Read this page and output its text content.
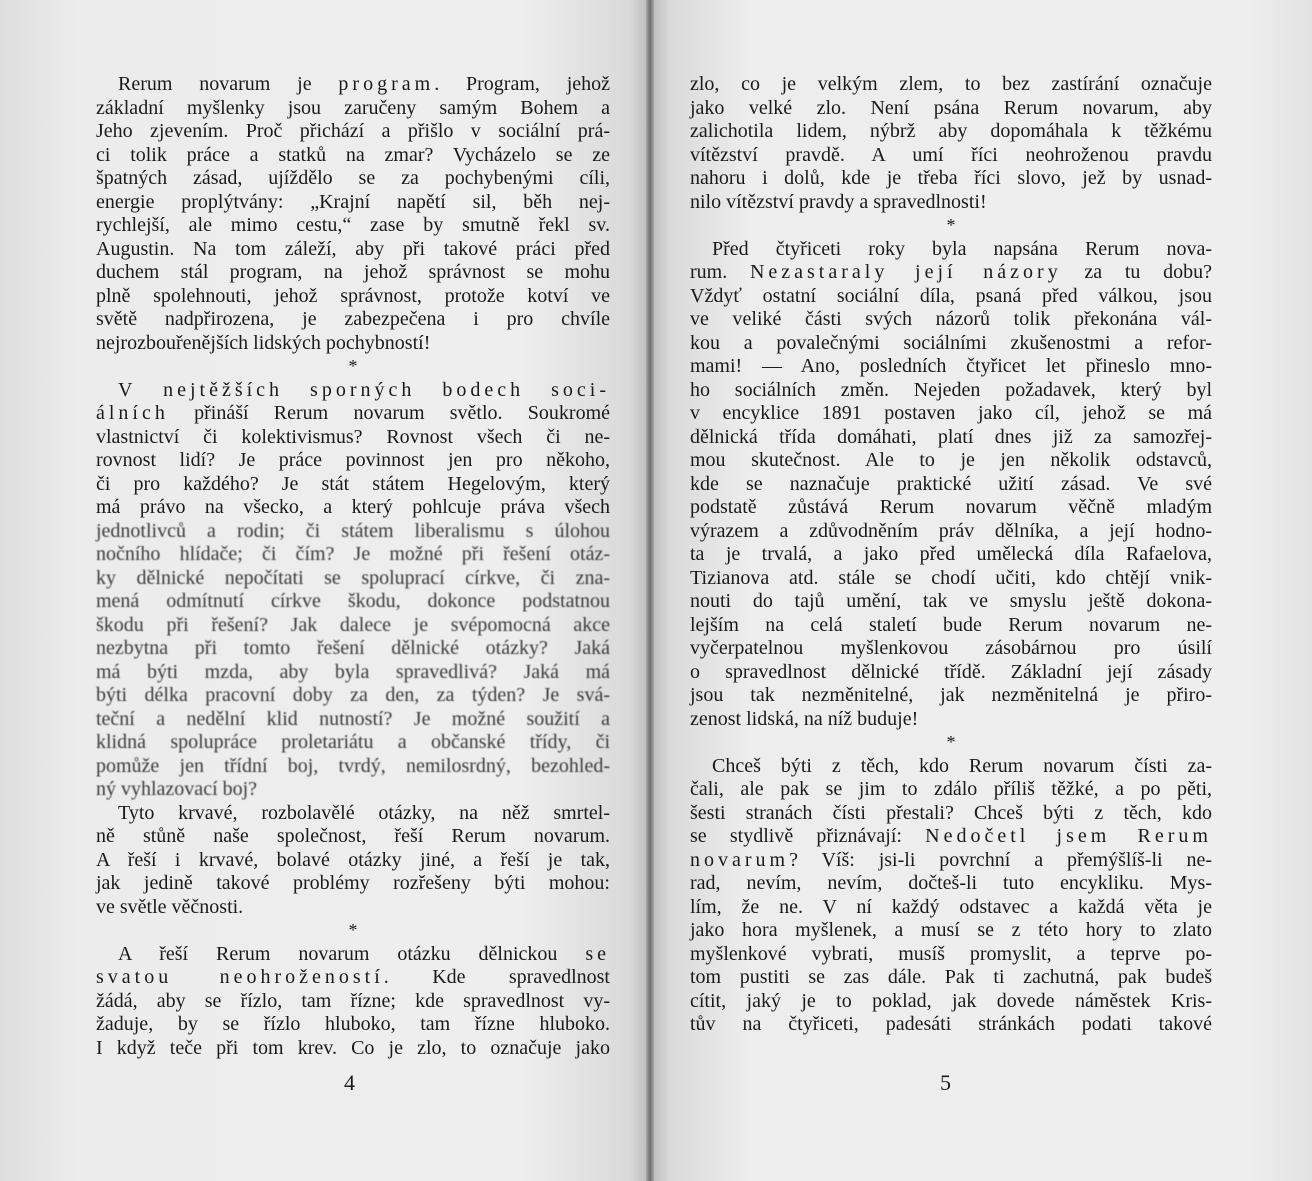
Rerum novarum je program. Program, jehož
základní myšlenky jsou zaručeny samým Bohem a
Jeho zjevením. Proč přichází a přišlo v sociální prá-
ci tolik práce a statků na zmar? Vycházelo se ze
špatných zásad, ujíždělo se za pochybenými cíli,
energie proplýtvány: „Krajní napětí sil, běh nej-
rychlejší, ale mimo cestu,“ zase by smutně řekl sv.
Augustin. Na tom záleží, aby při takové práci před
duchem stál program, na jehož správnost se mohu
plně spolehnouti, jehož správnost, protože kotví ve
světě nadpřirozena, je zabezpečena i pro chvíle
nejrozbouřenějších lidských pochybností!
*
V nejtěžších sporných bodech soci-
álních přináší Rerum novarum světlo. Soukromé
vlastnictví či kolektivismus? Rovnost všech či ne-
rovnost lidí? Je práce povinnost jen pro někoho,
či pro každého? Je stát státem Hegelovým, který
má právo na všecko, a který pohlcuje práva všech
jednotlivců a rodin; či státem liberalismu s úlohou
nočního hlídače; či čím? Je možné při řešení otáz-
ky dělnické nepočítati se spoluprací církve, či zna-
mená odmítnutí církve škodu, dokonce podstatnou
škodu při řešení? Jak dalece je svépomocná akce
nezbytna při tomto řešení dělnické otázky? Jaká
má býti mzda, aby byla spravedlivá? Jaká má
býti délka pracovní doby za den, za týden? Je svá-
teční a nedělní klid nutností? Je možné soužití a
klidná spolupráce proletariátu a občanské třídy, či
pomůže jen třídní boj, tvrdý, nemilosrdný, bezohled-
ný vyhlazovací boj?
Tyto krvavé, rozbolavělé otázky, na něž smrtel-
ně stůně naše společnost, řeší Rerum novarum.
A řeší i krvavé, bolavé otázky jiné, a řeší je tak,
jak jedině takové problémy rozřešeny býti mohou:
ve světle věčnosti.
*
A řeší Rerum novarum otázku dělnickou se
svatou neohrožeností. Kde spravedlnost
žádá, aby se řízlo, tam řízne; kde spravedlnost vy-
žaduje, by se řízlo hluboko, tam řízne hluboko.
I když teče při tom krev. Co je zlo, to označuje jako
4
zlo, co je velkým zlem, to bez zastírání označuje
jako velké zlo. Není psána Rerum novarum, aby
zalichotila lidem, nýbrž aby dopomáhala k těžkému
vítězství pravdě. A umí říci neohroženou pravdu
nahoru i dolů, kde je třeba říci slovo, jež by usnad-
nilo vítězství pravdy a spravedlnosti!
*
Před čtyřiceti roky byla napsána Rerum nova-
rum. Nezastaraly její názory za tu dobu?
Vždyť ostatní sociální díla, psaná před válkou, jsou
ve veliké části svých názorů tolik překonána vál-
kou a povalečnými sociálními zkušenostmi a refor-
mami! — Ano, posledních čtyřicet let přineslo mno-
ho sociálních změn. Nejeden požadavek, který byl
v encyklice 1891 postaven jako cíl, jehož se má
dělnická třída domáhati, platí dnes již za samozřej-
mou skutečnost. Ale to je jen několik odstavců,
kde se naznačuje praktické užití zásad. Ve své
podstatě zůstává Rerum novarum věčně mladým
výrazem a zdůvodněním práv dělníka, a její hodno-
ta je trvalá, a jako před umělecká díla Rafaelova,
Tizianova atd. stále se chodí učiti, kdo chtějí vnik-
nouti do tajů umění, tak ve smyslu ještě dokona-
lejším na celá staletí bude Rerum novarum ne-
vyčerpatelnou myšlenkovou zásobárnou pro úsilí
o spravedlnost dělnické třídě. Základní její zásady
jsou tak nezměnitelné, jak nezměnitelná je přiro-
zenost lidská, na níž buduje!
*
Chceš býti z těch, kdo Rerum novarum čísti za-
čali, ale pak se jim to zdálo příliš těžké, a po pěti,
šesti stranách čísti přestali? Chceš býti z těch, kdo
se stydlivě přiznávají: Nedočetl jsem Rerum
novarum? Víš: jsi-li povrchní a přemýšlíš-li ne-
rad, nevím, nevím, dočteš-li tuto encykliku. Mys-
lím, že ne. V ní každý odstavec a každá věta je
jako hora myšlenek, a musí se z této hory to zlato
myšlenkové vybrati, musíš promyslit, a teprve po-
tom pustiti se zas dále. Pak ti zachutná, pak budeš
cítit, jaký je to poklad, jak dovede náměstek Kris-
tův na čtyřiceti, padesáti stránkách podati takové
5
